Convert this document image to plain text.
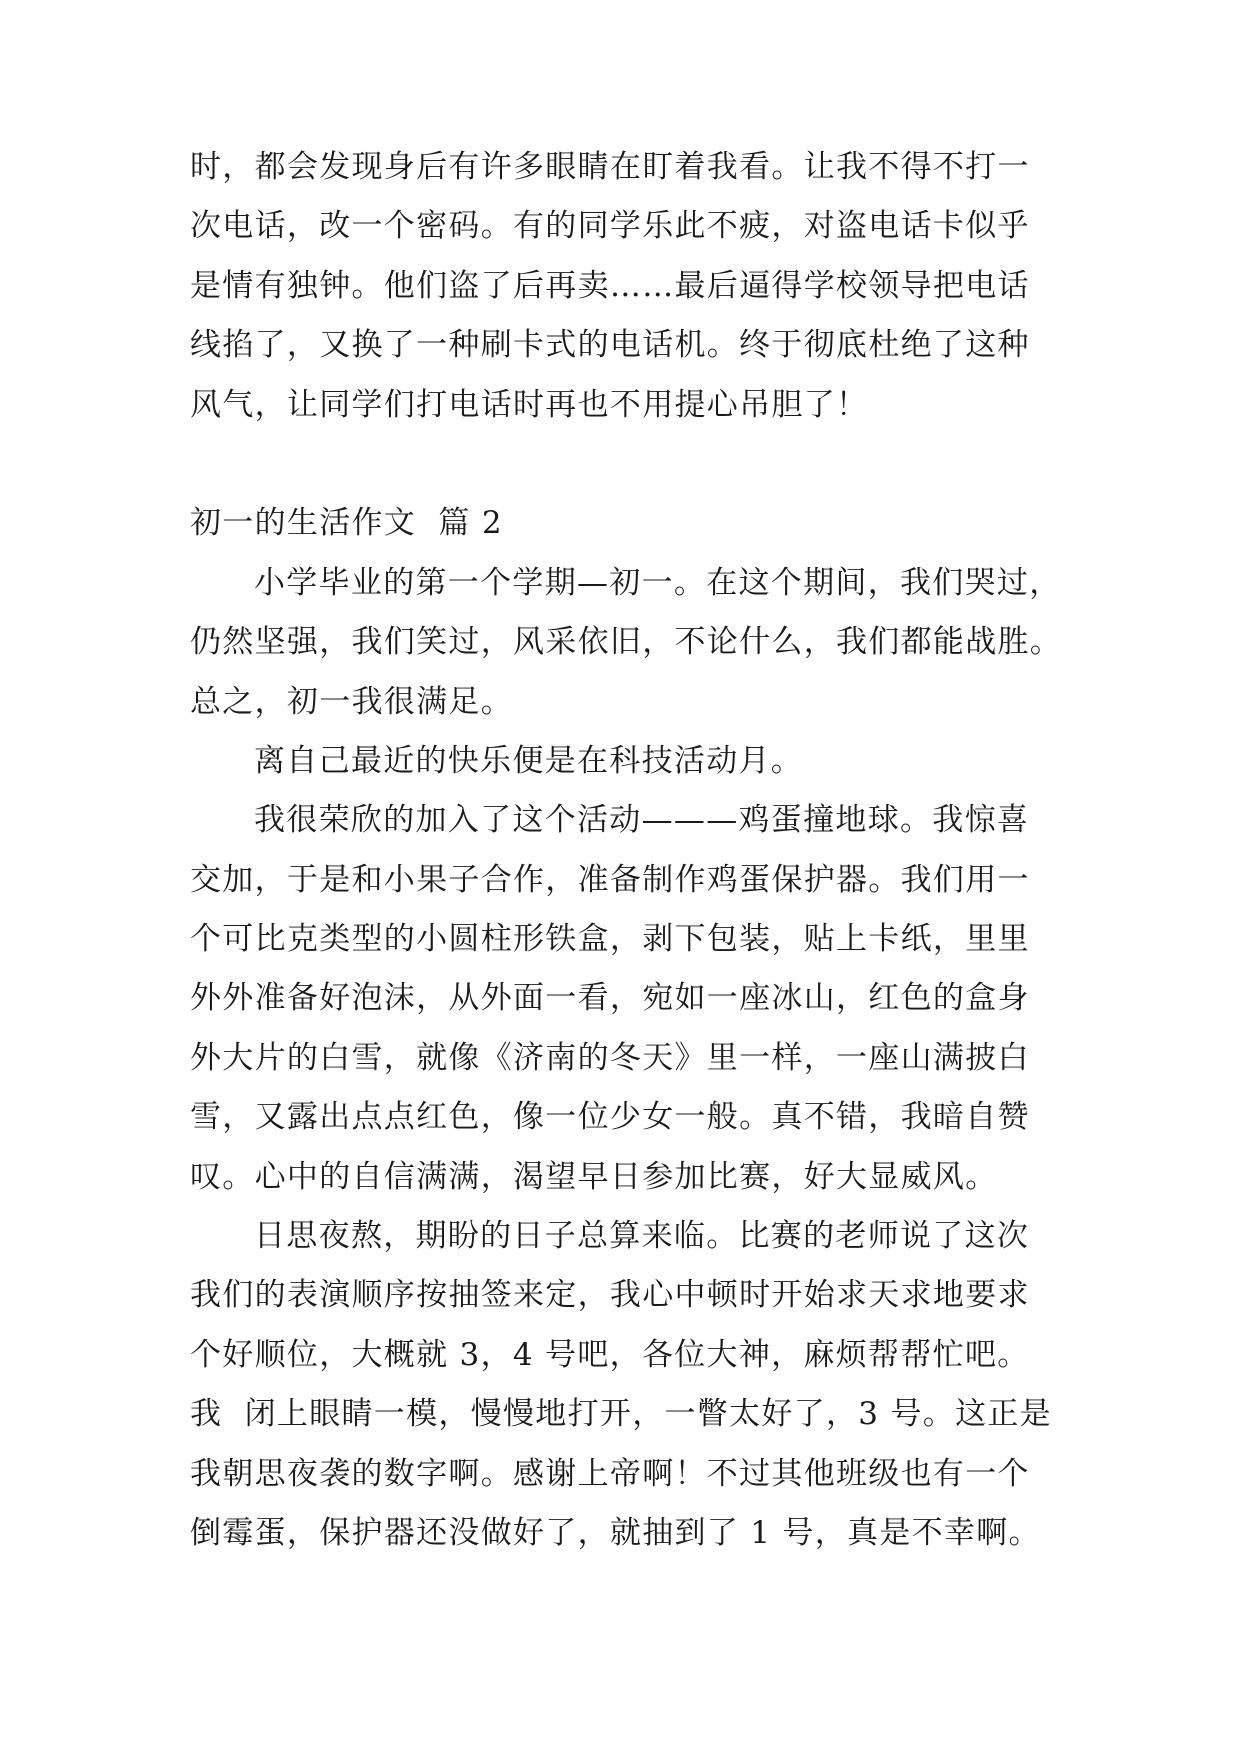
时，都会发现身后有许多眼睛在盯着我看。让我不得不打一
次电话，改一个密码。有的同学乐此不疲，对盗电话卡似乎
是情有独钟。他们盗了后再卖……最后逼得学校领导把电话
线掐了，又换了一种刷卡式的电话机。终于彻底杜绝了这种
风气，让同学们打电话时再也不用提心吊胆了！
初一的生活作文  篇 2
小学毕业的第一个学期—初一。在这个期间，我们哭过，
仍然坚强，我们笑过，风采依旧，不论什么，我们都能战胜。
总之，初一我很满足。
离自己最近的快乐便是在科技活动月。
我很荣欣的加入了这个活动———鸡蛋撞地球。我惊喜
交加，于是和小果子合作，准备制作鸡蛋保护器。我们用一
个可比克类型的小圆柱形铁盒，剥下包装，贴上卡纸，里里
外外准备好泡沫，从外面一看，宛如一座冰山，红色的盒身
外大片的白雪，就像《济南的冬天》里一样，一座山满披白
雪，又露出点点红色，像一位少女一般。真不错，我暗自赞
叹。心中的自信满满，渴望早日参加比赛，好大显威风。
日思夜熬，期盼的日子总算来临。比赛的老师说了这次
我们的表演顺序按抽签来定，我心中顿时开始求天求地要求
个好顺位，大概就 3，4 号吧，各位大神，麻烦帮帮忙吧。
我  闭上眼睛一模，慢慢地打开，一瞥太好了，3 号。这正是
我朝思夜袭的数字啊。感谢上帝啊！不过其他班级也有一个
倒霉蛋，保护器还没做好了，就抽到了 1 号，真是不幸啊。
